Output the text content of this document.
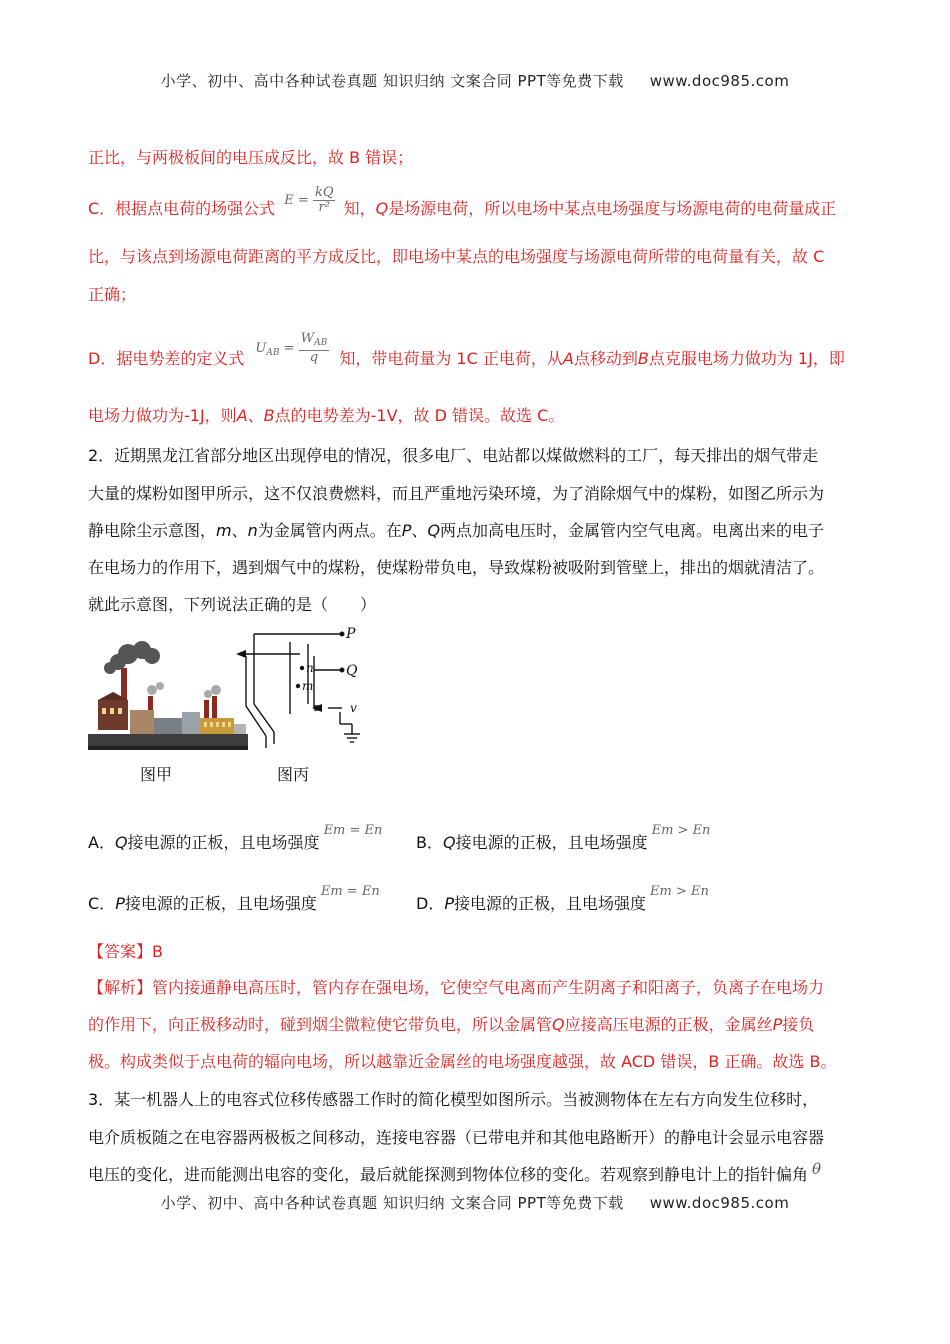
小学、初中、高中各种试卷真题 知识归纳 文案合同 PPT等免费下载 www.doc985.com
正比，与两极板间的电压成反比，故 B 错误；
C．根据点电荷的场强公式 $^{E = \frac{kQ}{\text{r²}}}$ 知，Q是场源电荷，所以电场中某点电场强度与场源电荷的电荷量成正
比，与该点到场源电荷距离的平方成反比，即电场中某点的电场强度与场源电荷所带的电荷量有关，故 C
正确；
D．据电势差的定义式 $^{U_{AB} = \frac{W_{AB}}{q}}$ 知，带电荷量为 1C 正电荷，从A点移动到B点克服电场力做功为 1J，即
电场力做功为-1J，则A、B点的电势差为-1V，故 D 错误。故选 C。
2．近期黑龙江省部分地区出现停电的情况，很多电厂、电站都以煤做燃料的工厂，每天排出的烟气带走
大量的煤粉如图甲所示，这不仅浪费燃料，而且严重地污染环境，为了消除烟气中的煤粉，如图乙所示为
静电除尘示意图，m、n为金属管内两点。在P、Q两点加高电压时，金属管内空气电离。电离出来的电子
在电场力的作用下，遇到烟气中的煤粉，使煤粉带负电，导致煤粉被吸附到管壁上，排出的烟就清洁了。
就此示意图，下列说法正确的是（　　）
图甲
P
Q
n
m
v
图丙
A．Q接电源的正板，且电场强度$^{Em = En}$
B．Q接电源的正极，且电场强度$^{Em > En}$
C．P接电源的正板，且电场强度$^{Em = En}$
D．P接电源的正极，且电场强度$^{Em > En}$
【答案】B
【解析】管内接通静电高压时，管内存在强电场，它使空气电离而产生阴离子和阳离子，负离子在电场力
的作用下，向正极移动时，碰到烟尘微粒使它带负电，所以金属管Q应接高压电源的正极，金属丝P接负
极。构成类似于点电荷的辐向电场，所以越靠近金属丝的电场强度越强，故 ACD 错误，B 正确。故选 B。
3．某一机器人上的电容式位移传感器工作时的简化模型如图所示。当被测物体在左右方向发生位移时，
电介质板随之在电容器两极板之间移动，连接电容器（已带电并和其他电路断开）的静电计会显示电容器
电压的变化，进而能测出电容的变化，最后就能探测到物体位移的变化。若观察到静电计上的指针偏角 θ
小学、初中、高中各种试卷真题 知识归纳 文案合同 PPT等免费下载 www.doc985.com
